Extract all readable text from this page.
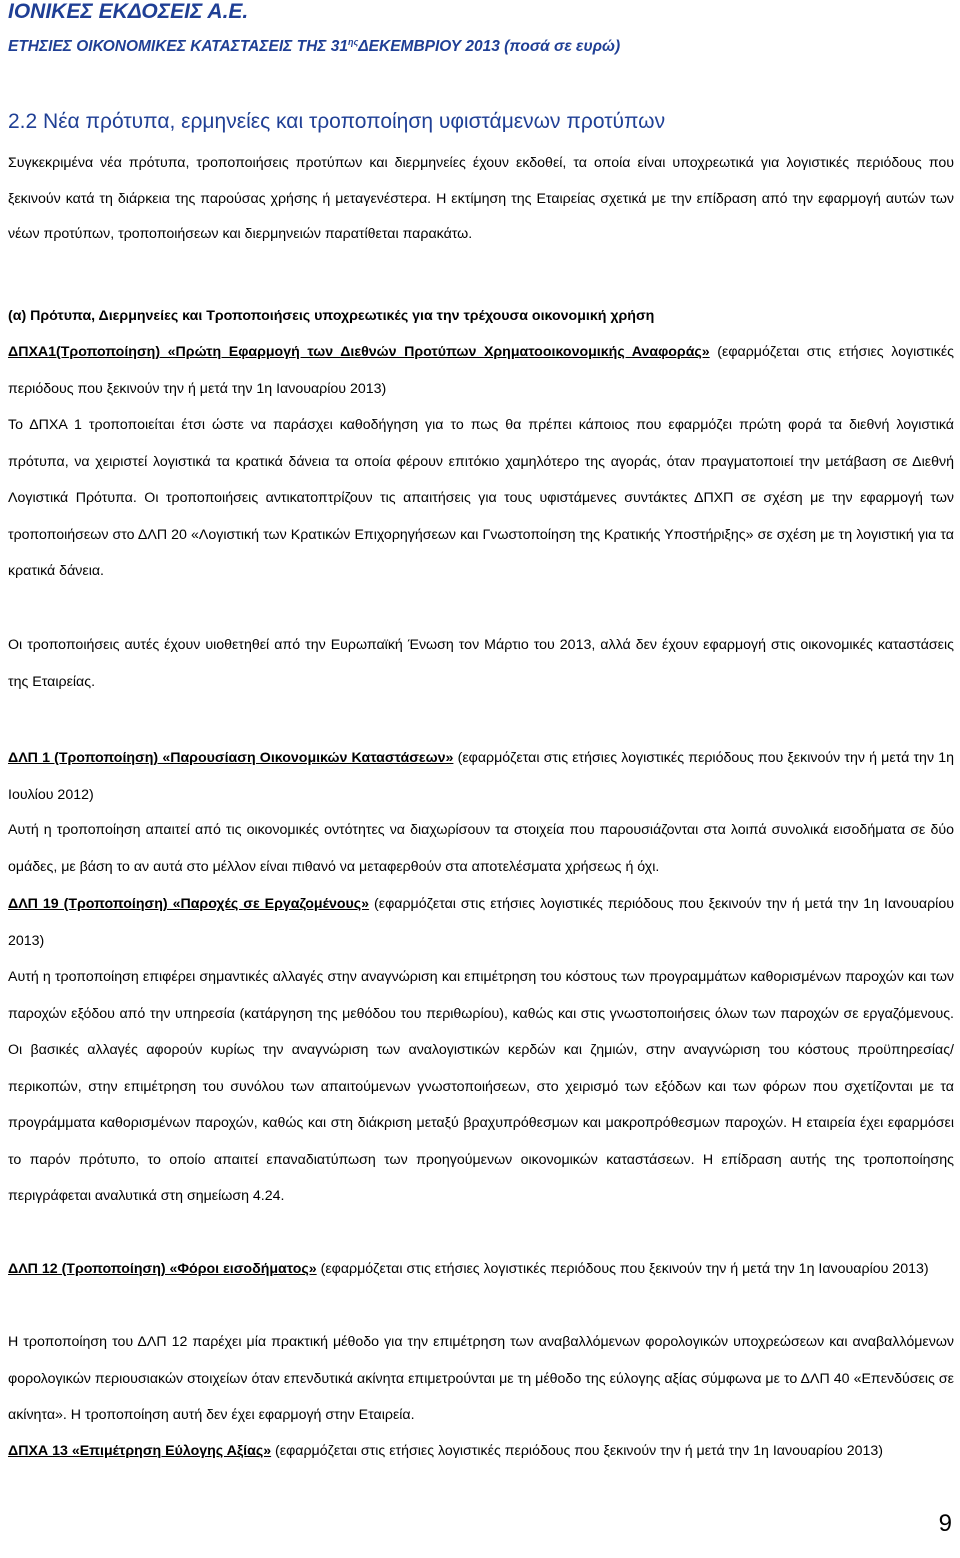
ΙΟΝΙΚΕΣ ΕΚΔΟΣΕΙΣ Α.Ε.
ΕΤΗΣΙΕΣ ΟΙΚΟΝΟΜΙΚΕΣ ΚΑΤΑΣΤΑΣΕΙΣ ΤΗΣ $31^{\eta\varsigma}\Delta EKEMBPIO\Upsilon$ 2013 (ποσά σε ευρώ)
2.2 Νέα πρότυπα, ερμηνείες και τροποποίηση υφιστάμενων προτύπων

Συγκεκριμένα νέα πρότυπα, τροποποιήσεις προτύπων και διερμηνείες έχουν εκδοθεί, τα οποία είναι υποχρεωτικά για λογιστικές περιόδους που ξεκινούν κατά τη διάρκεια της παρούσας χρήσης ή μεταγενέστερα. Η εκτίμηση της Εταιρείας σχετικά με την επίδραση από την εφαρμογή αυτών των νέων προτύπων, τροποποιήσεων και διερμηνειών παρατίθεται παρακάτω.

(α) Πρότυπα, Διερμηνείες και Τροποποιήσεις υποχρεωτικές για την τρέχουσα οικονομική χρήση

ΔΠΧΑ1(Τροποποίηση) «Πρώτη Εφαρμογή των Διεθνών Προτύπων Χρηματοοικονομικής Αναφοράς» (εφαρμόζεται στις ετήσιες λογιστικές περιόδους που ξεκινούν την ή μετά την 1η Ιανουαρίου 2013)

Το ΔΠΧΑ 1 τροποποιείται έτσι ώστε να παράσχει καθοδήγηση για το πως θα πρέπει κάποιος που εφαρμόζει πρώτη φορά τα διεθνή λογιστικά πρότυπα, να χειριστεί λογιστικά τα κρατικά δάνεια τα οποία φέρουν επιτόκιο χαμηλότερο της αγοράς, όταν πραγματοποιεί την μετάβαση σε Διεθνή Λογιστικά Πρότυπα. Οι τροποποιήσεις αντικατοπτρίζουν τις απαιτήσεις για τους υφιστάμενες συντάκτες ΔΠΧΠ σε σχέση με την εφαρμογή των τροποποιήσεων στο ΔΛΠ 20 «Λογιστική των Κρατικών Επιχορηγήσεων και Γνωστοποίηση της Κρατικής Υποστήριξης» σε σχέση με τη λογιστική για τα κρατικά δάνεια.

Οι τροποποιήσεις αυτές έχουν υιοθετηθεί από την Ευρωπαϊκή Ένωση τον Μάρτιο του 2013, αλλά δεν έχουν εφαρμογή στις οικονομικές καταστάσεις της Εταιρείας.

ΔΛΠ 1 (Τροποποίηση) «Παρουσίαση Οικονομικών Καταστάσεων» (εφαρμόζεται στις ετήσιες λογιστικές περιόδους που ξεκινούν την ή μετά την 1η Ιουλίου 2012)

Αυτή η τροποποίηση απαιτεί από τις οικονομικές οντότητες να διαχωρίσουν τα στοιχεία που παρουσιάζονται στα λοιπά συνολικά εισοδήματα σε δύο ομάδες, με βάση το αν αυτά στο μέλλον είναι πιθανό να μεταφερθούν στα αποτελέσματα χρήσεως ή όχι.

ΔΛΠ 19 (Τροποποίηση) «Παροχές σε Εργαζομένους» (εφαρμόζεται στις ετήσιες λογιστικές περιόδους που ξεκινούν την ή μετά την 1η Ιανουαρίου 2013)

Αυτή η τροποποίηση επιφέρει σημαντικές αλλαγές στην αναγνώριση και επιμέτρηση του κόστους των προγραμμάτων καθορισμένων παροχών και των παροχών εξόδου από την υπηρεσία (κατάργηση της μεθόδου του περιθωρίου), καθώς και στις γνωστοποιήσεις όλων των παροχών σε εργαζόμενους. Οι βασικές αλλαγές αφορούν κυρίως την αναγνώριση των αναλογιστικών κερδών και ζημιών, στην αναγνώριση του κόστους προϋπηρεσίας/ περικοπών, στην επιμέτρηση του συνόλου των απαιτούμενων γνωστοποιήσεων, στο χειρισμό των εξόδων και των φόρων που σχετίζονται με τα προγράμματα καθορισμένων παροχών, καθώς και στη διάκριση μεταξύ βραχυπρόθεσμων και μακροπρόθεσμων παροχών. Η εταιρεία έχει εφαρμόσει το παρόν πρότυπο, το οποίο απαιτεί επαναδιατύπωση των προηγούμενων οικονομικών καταστάσεων. Η επίδραση αυτής της τροποποίησης περιγράφεται αναλυτικά στη σημείωση 4.24.

ΔΛΠ 12 (Τροποποίηση) «Φόροι εισοδήματος» (εφαρμόζεται στις ετήσιες λογιστικές περιόδους που ξεκινούν την ή μετά την 1η Ιανουαρίου 2013)

Η τροποποίηση του ΔΛΠ 12 παρέχει μία πρακτική μέθοδο για την επιμέτρηση των αναβαλλόμενων φορολογικών υποχρεώσεων και αναβαλλόμενων φορολογικών περιουσιακών στοιχείων όταν επενδυτικά ακίνητα επιμετρούνται με τη μέθοδο της εύλογης αξίας σύμφωνα με το ΔΛΠ 40 «Επενδύσεις σε ακίνητα». Η τροποποίηση αυτή δεν έχει εφαρμογή στην Εταιρεία.

ΔΠΧΑ 13 «Επιμέτρηση Εύλογης Αξίας» (εφαρμόζεται στις ετήσιες λογιστικές περιόδους που ξεκινούν την ή μετά την 1η Ιανουαρίου 2013)

9
